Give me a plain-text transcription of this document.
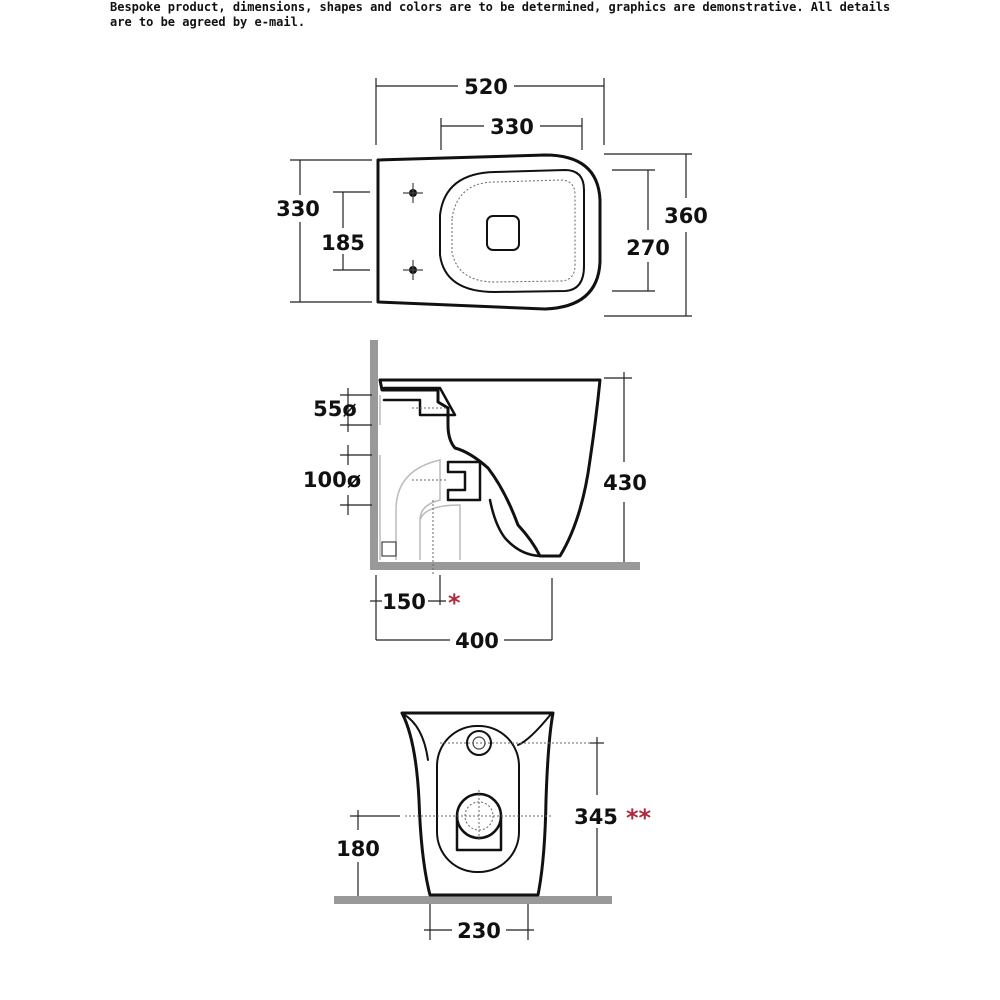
Bespoke product, dimensions, shapes and colors are to be determined, graphics are demonstrative. All details are to be agreed by e-mail.
520
330
330
185
360
270
55ø
100ø	430
150 *
400
180
345 **
230
